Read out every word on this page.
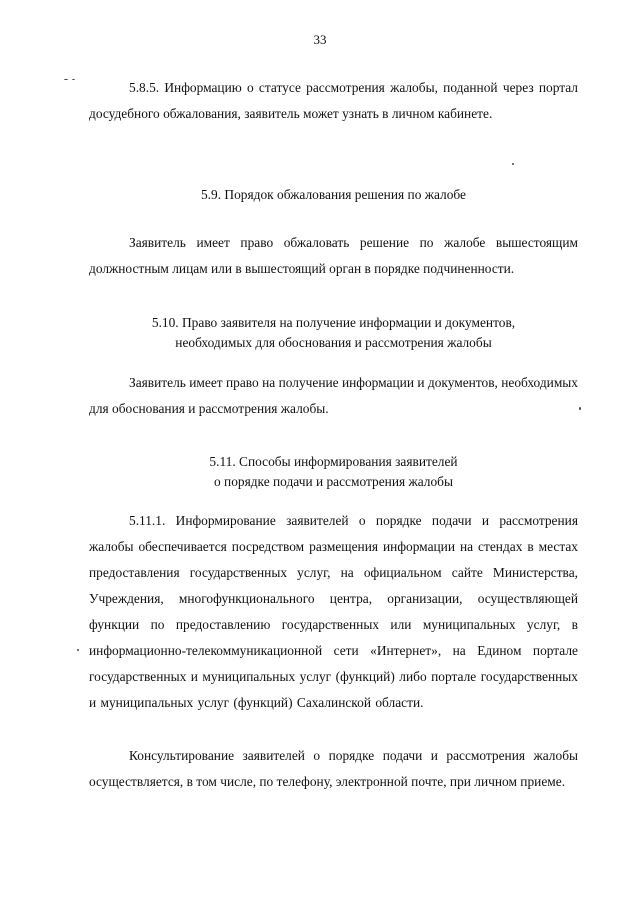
33

5.8.5. Информацию о статусе рассмотрения жалобы, поданной через портал досудебного обжалования, заявитель может узнать в личном кабинете.

5.9. Порядок обжалования решения по жалобе

Заявитель имеет право обжаловать решение по жалобе вышестоящим должностным лицам или в вышестоящий орган в порядке подчиненности.

5.10. Право заявителя на получение информации и документов,
необходимых для обоснования и рассмотрения жалобы

Заявитель имеет право на получение информации и документов, необходимых для обоснования и рассмотрения жалобы.

5.11. Способы информирования заявителей
о порядке подачи и рассмотрения жалобы

5.11.1. Информирование заявителей о порядке подачи и рассмотрения жалобы обеспечивается посредством размещения информации на стендах в местах предоставления государственных услуг, на официальном сайте Министерства, Учреждения, многофункционального центра, организации, осуществляющей функции по предоставлению государственных или муниципальных услуг, в информационно-телекоммуникационной сети «Интернет», на Едином портале государственных и муниципальных услуг (функций) либо портале государственных и муниципальных услуг (функций) Сахалинской области.

Консультирование заявителей о порядке подачи и рассмотрения жалобы осуществляется, в том числе, по телефону, электронной почте, при личном приеме.
